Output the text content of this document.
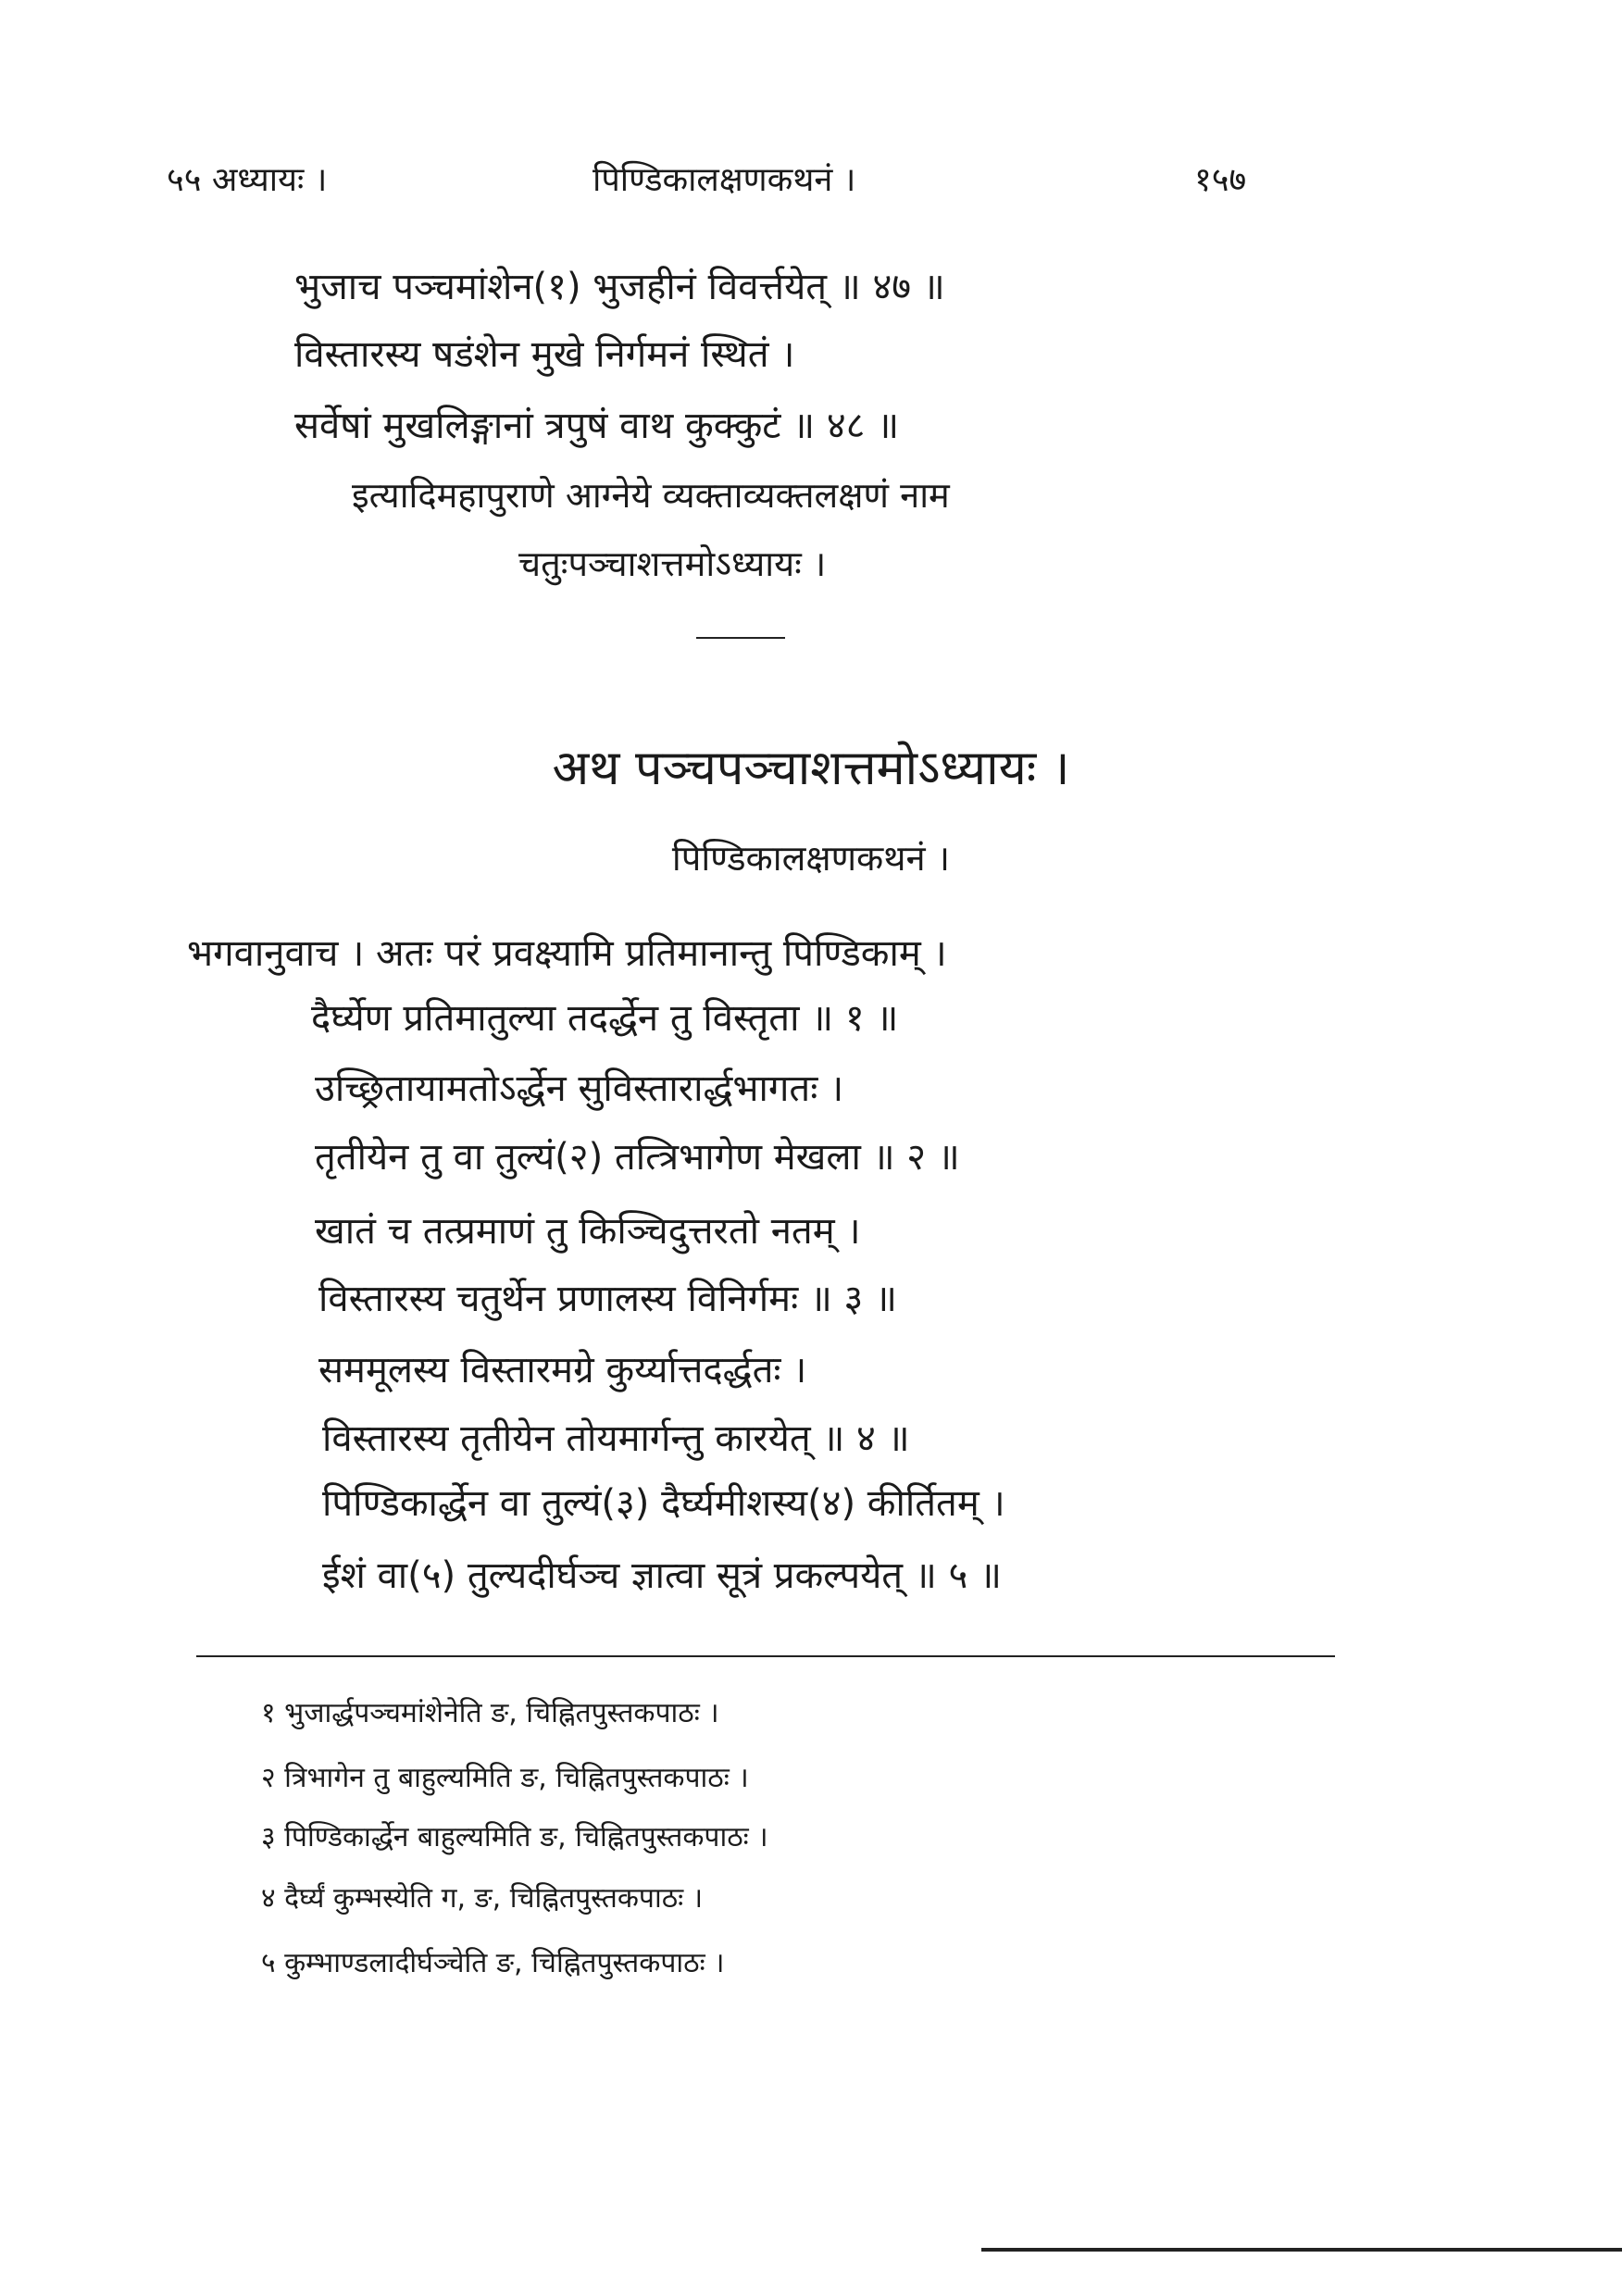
५५ अध्यायः ।	पिण्डिकालक्षणकथनं ।	१५७
भुजाच पञ्चमांशेन(१) भुजहीनं विवर्त्तयेत् ॥ ४७ ॥
विस्तारस्य षडंशेन मुखे निर्गमनं स्थितं ।
सर्वेषां मुखलिङ्गानां त्रपुषं वाथ कुक्कुटं ॥ ४८ ॥
इत्यादिमहापुराणे आग्नेये व्यक्ताव्यक्तलक्षणं नाम
चतुःपञ्चाशत्तमोऽध्यायः ।
अथ पञ्चपञ्चाशत्तमोऽध्यायः ।
पिण्डिकालक्षणकथनं ।
भगवानुवाच । अतः परं प्रवक्ष्यामि प्रतिमानान्तु पिण्डिकाम् ।
दैर्घ्येण प्रतिमातुल्या तदर्द्धेन तु विस्तृता ॥ १ ॥
उच्छ्रितायामतोऽर्द्धेन सुविस्तारार्द्धभागतः ।
तृतीयेन तु वा तुल्यं(२) तत्त्रिभागेण मेखला ॥ २ ॥
खातं च तत्प्रमाणं तु किञ्चिदुत्तरतो नतम् ।
विस्तारस्य चतुर्थेन प्रणालस्य विनिर्गमः ॥ ३ ॥
सममूलस्य विस्तारमग्रे कुर्य्यात्तदर्द्धतः ।
विस्तारस्य तृतीयेन तोयमार्गन्तु कारयेत् ॥ ४ ॥
पिण्डिकार्द्धेन वा तुल्यं(३) दैर्घ्यमीशस्य(४) कीर्तितम् ।
ईशं वा(५) तुल्यदीर्घञ्च ज्ञात्वा सूत्रं प्रकल्पयेत् ॥ ५ ॥
१ भुजार्द्धपञ्चमांशेनेति ङ, चिह्नितपुस्तकपाठः ।
२ त्रिभागेन तु बाहुल्यमिति ङ, चिह्नितपुस्तकपाठः ।
३ पिण्डिकार्द्धेन बाहुल्यमिति ङ, चिह्नितपुस्तकपाठः ।
४ दैर्घ्यं कुम्भस्येति ग, ङ, चिह्नितपुस्तकपाठः ।
५ कुम्भाण्डलादीर्घञ्चेति ङ, चिह्नितपुस्तकपाठः ।
